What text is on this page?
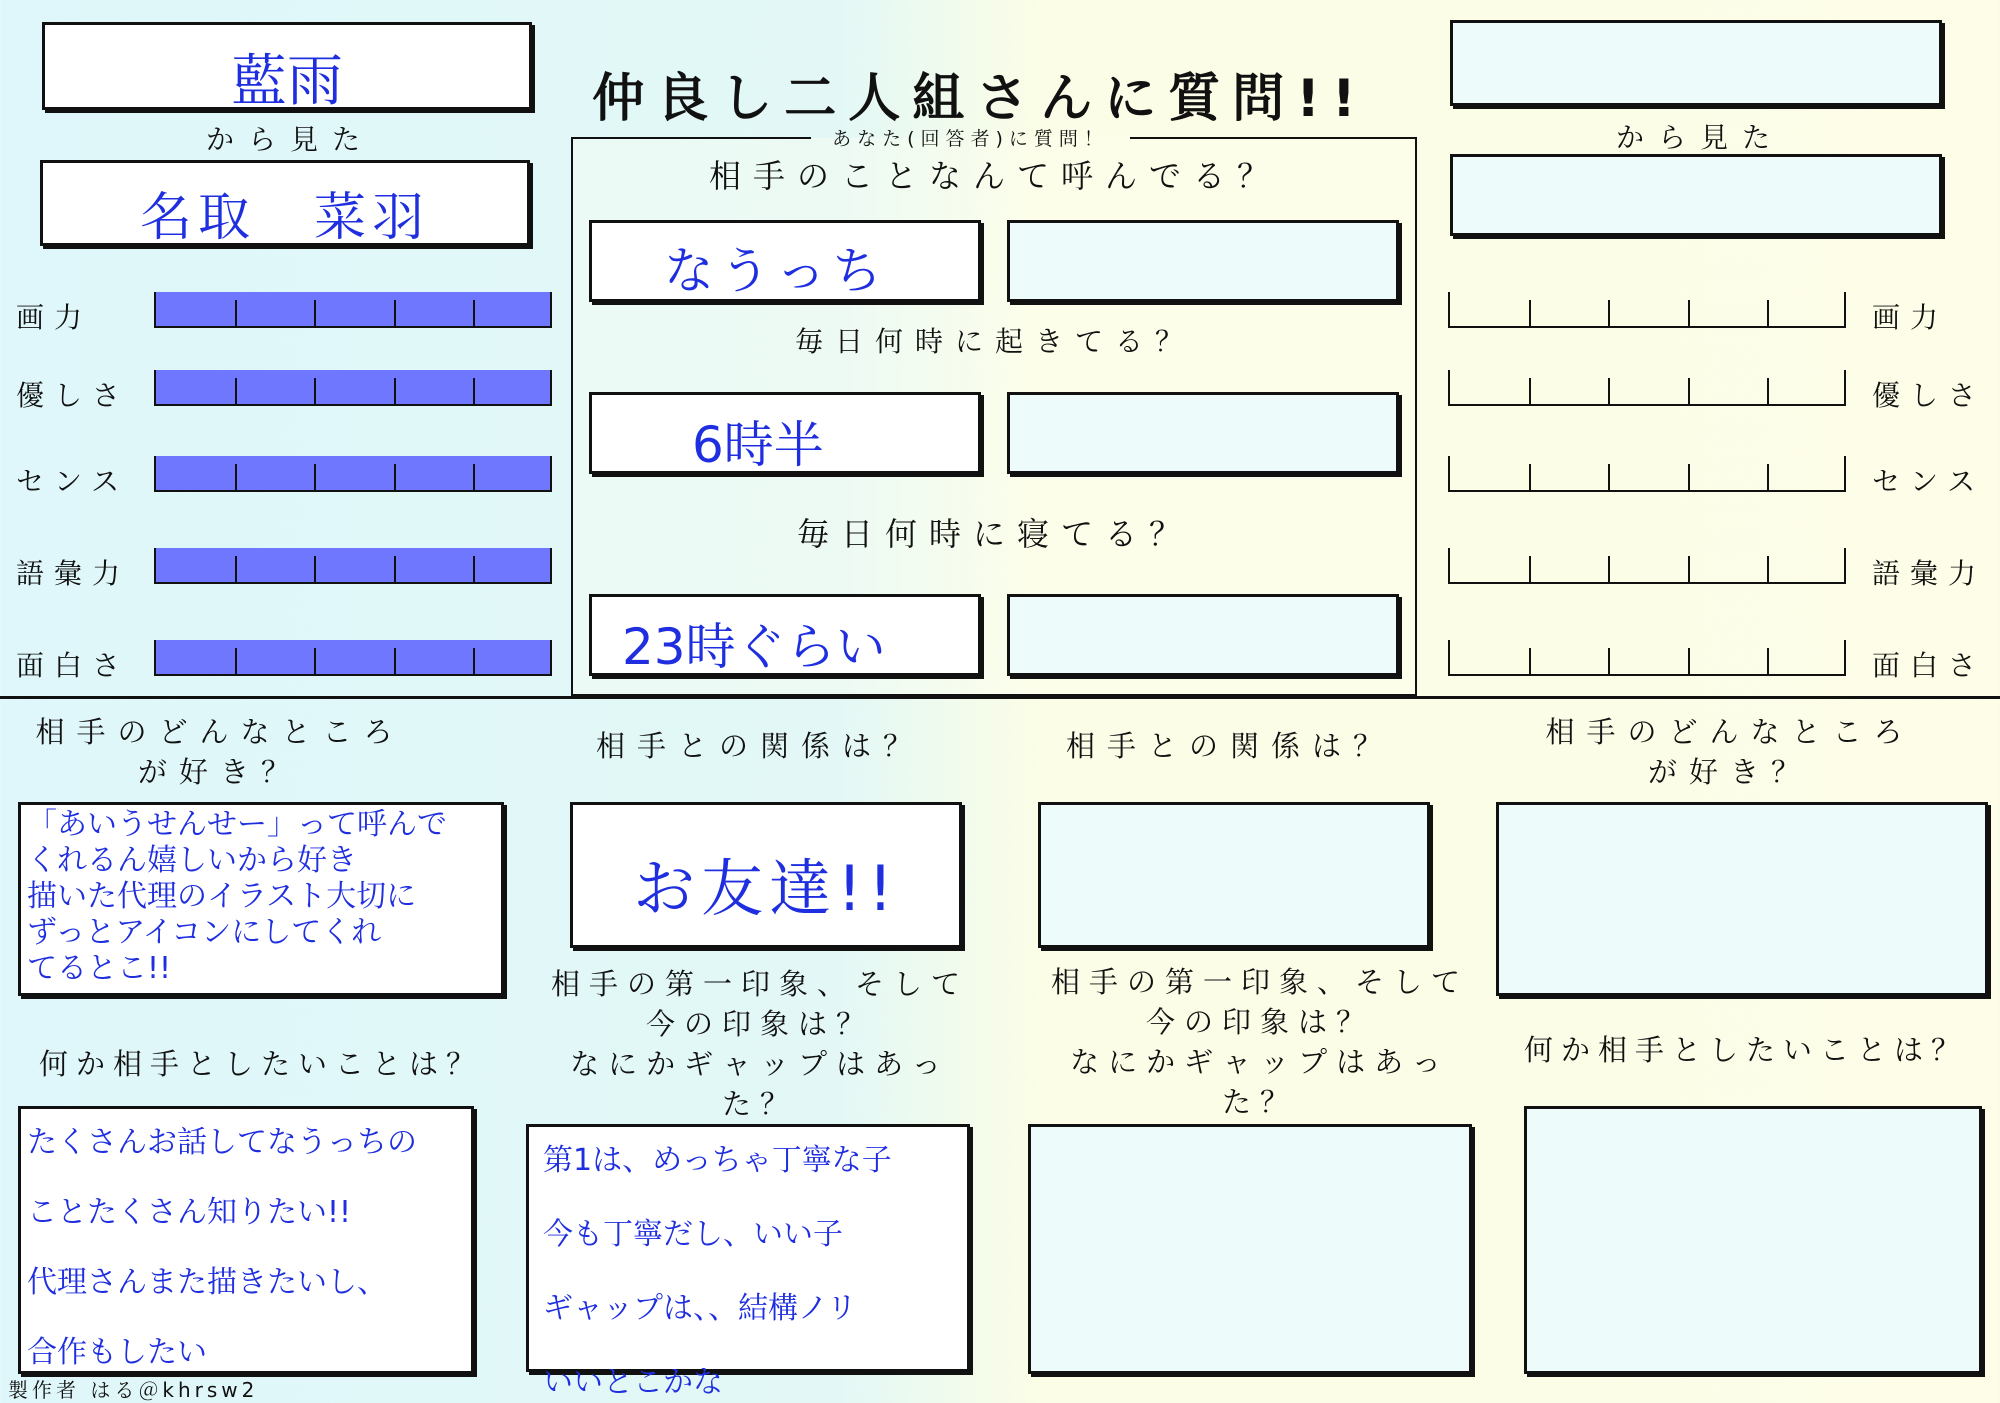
藍雨
から見た
名取　菜羽
仲良し二人組さんに質問!!
から見た
画力
優しさ
センス
語彙力
面白さ
画力
優しさ
センス
語彙力
面白さ
あなた(回答者)に質問！
相手のことなんて呼んでる？
なうっち
毎日何時に起きてる？
6時半
毎日何時に寝てる？
23時ぐらい
相手のどんなところ
が好き？
「あいうせんせー」って呼んで
くれるん嬉しいから好き
描いた代理のイラスト大切に
ずっとアイコンにしてくれ
てるとこ!!
何か相手としたいことは？
たくさんお話してなうっちの
ことたくさん知りたい!!
代理さんまた描きたいし、
合作もしたい
相手との関係は？
お友達!!
相手の第一印象、そして
今の印象は？
なにかギャップはあっ
た？
第1は、めっちゃ丁寧な子
今も丁寧だし、いい子
ギャップは、、結構ノリ
いいとこかな
相手との関係は？
相手の第一印象、そして
今の印象は？
なにかギャップはあっ
た？
相手のどんなところ
が好き？
何か相手としたいことは？
製作者 はる＠khrsw2
